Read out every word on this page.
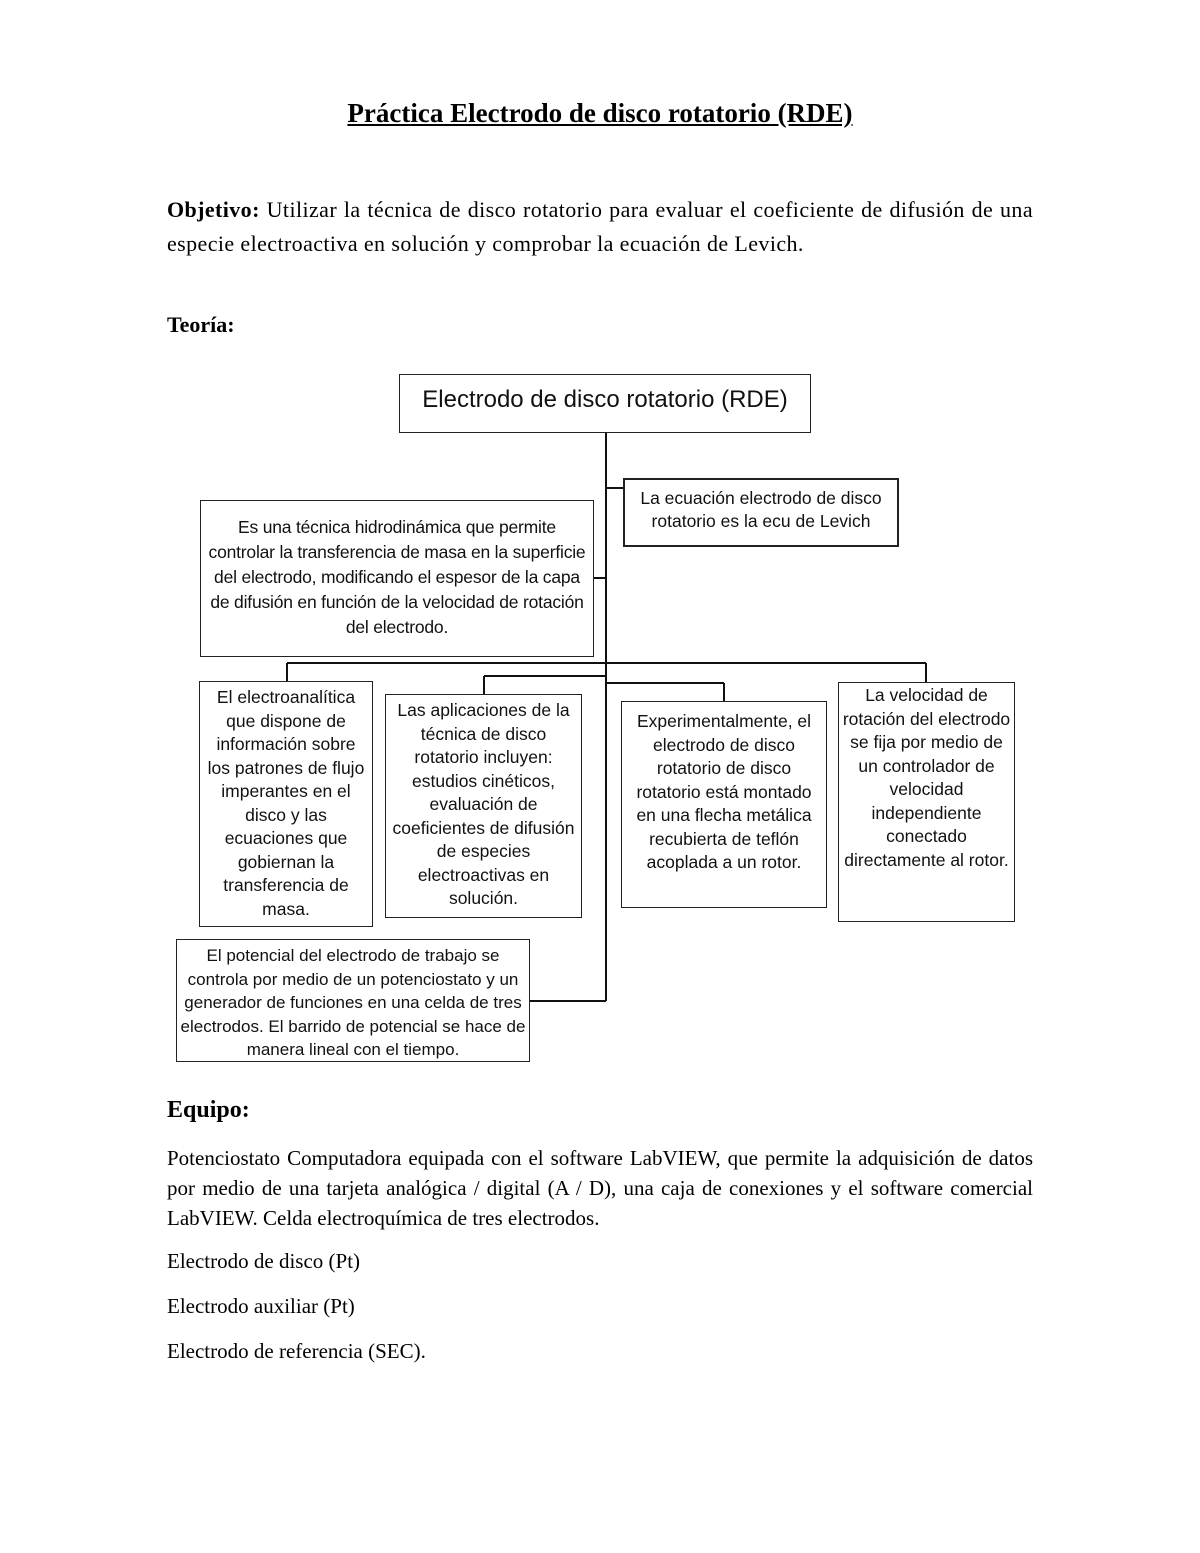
Práctica Electrodo de disco rotatorio (RDE)

Objetivo: Utilizar la técnica de disco rotatorio para evaluar el coeficiente de difusión de una especie electroactiva en solución y comprobar la ecuación de Levich.

Teoría:

Electrodo de disco rotatorio (RDE)
La ecuación electrodo de disco rotatorio es la ecu de Levich
Es una técnica hidrodinámica que permite controlar la transferencia de masa en la superficie del electrodo, modificando el espesor de la capa de difusión en función de la velocidad de rotación del electrodo.
El electroanalítica que dispone de información sobre los patrones de flujo imperantes en el disco y las ecuaciones que gobiernan la transferencia de masa.
Las aplicaciones de la técnica de disco rotatorio incluyen: estudios cinéticos, evaluación de coeficientes de difusión de especies electroactivas en solución.
Experimentalmente, el electrodo de disco rotatorio de disco rotatorio está montado en una flecha metálica recubierta de teflón acoplada a un rotor.
La velocidad de rotación del electrodo se fija por medio de un controlador de velocidad independiente conectado directamente al rotor.
El potencial del electrodo de trabajo se controla por medio de un potenciostato y un generador de funciones en una celda de tres electrodos. El barrido de potencial se hace de manera lineal con el tiempo.

Equipo:

Potenciostato Computadora equipada con el software LabVIEW, que permite la adquisición de datos por medio de una tarjeta analógica / digital (A / D), una caja de conexiones y el software comercial LabVIEW. Celda electroquímica de tres electrodos.

Electrodo de disco (Pt)

Electrodo auxiliar (Pt)

Electrodo de referencia (SEC).
